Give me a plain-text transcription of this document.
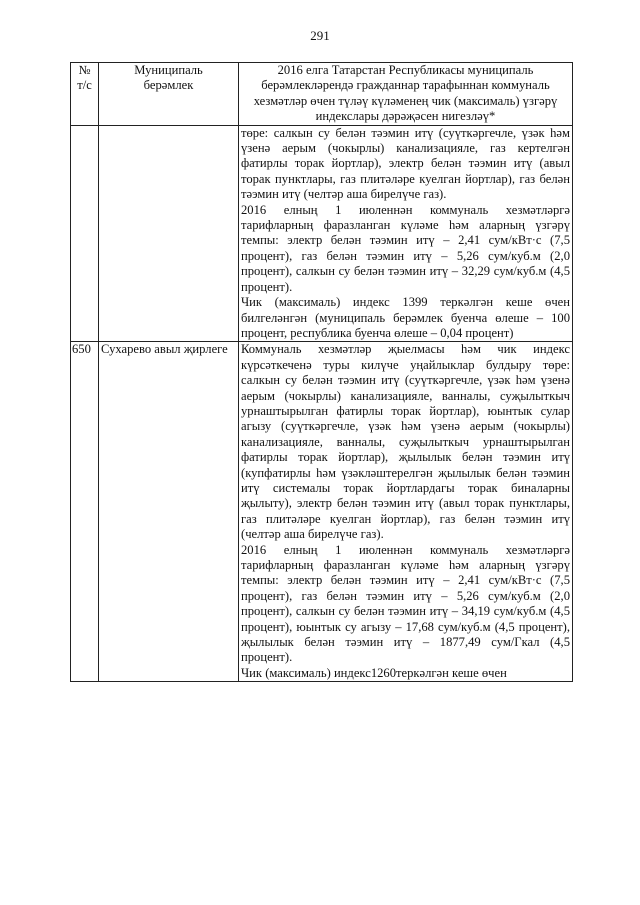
291
№ т/с	Муниципаль берәмлек	2016 елга Татарстан Республикасы муниципаль берәмлекләрендә гражданнар тарафыннан коммуналь хезмәтләр өчен түләү күләменең чик (максималь) үзгәрү индекслары дәрәҗәсен нигезләү*

		төре: салкын су белән тәэмин итү (суүткәргечле, үзәк һәм үзенә аерым (чокырлы) канализацияле, газ кертелгән фатирлы торак йортлар), электр белән тәэмин итү (авыл торак пунктлары, газ плитәләре куелган йортлар), газ белән тәэмин итү (челтәр аша бирелүче газ).
2016 елның 1 июленнән коммуналь хезмәтләргә тарифларның фаразланган күләме һәм аларның үзгәрү темпы: электр белән тәэмин итү – 2,41 сум/кВт·с (7,5 процент), газ белән тәэмин итү – 5,26 сум/куб.м (2,0 процент), салкын су белән тәэмин итү – 32,29 сум/куб.м (4,5 процент).
Чик (максималь) индекс 1399 теркәлгән кеше өчен билгеләнгән (муниципаль берәмлек буенча өлеше – 100 процент, республика буенча өлеше – 0,04 процент)

650	Сухарево авыл җирлеге	Коммуналь хезмәтләр җыелмасы һәм чик индекс күрсәткеченә туры килүче уңайлыклар булдыру төре: салкын су белән тәэмин итү (суүткәргечле, үзәк һәм үзенә аерым (чокырлы) канализацияле, ванналы, суҗылыткыч урнаштырылган фатирлы торак йортлар), юынтык сулар агызу (суүткәргечле, үзәк һәм үзенә аерым (чокырлы) канализацияле, ванналы, суҗылыткыч урнаштырылган фатирлы торак йортлар), җылылык белән тәэмин итү (купфатирлы һәм үзәкләштерелгән җылылык белән тәэмин итү системалы торак йортлардагы торак биналарны җылыту), электр белән тәэмин итү (авыл торак пунктлары, газ плитәләре куелган йортлар), газ белән тәэмин итү (челтәр аша бирелүче газ).
2016 елның 1 июленнән коммуналь хезмәтләргә тарифларның фаразланган күләме һәм аларның үзгәрү темпы: электр белән тәэмин итү – 2,41 сум/кВт·с (7,5 процент), газ белән тәэмин итү – 5,26 сум/куб.м (2,0 процент), салкын су белән тәэмин итү – 34,19 сум/куб.м (4,5 процент), юынтык су агызу – 17,68 сум/куб.м (4,5 процент), җылылык белән тәэмин итү – 1877,49 сум/Гкал (4,5 процент).
Чик (максималь) индекс1260теркәлгән кеше өчен
